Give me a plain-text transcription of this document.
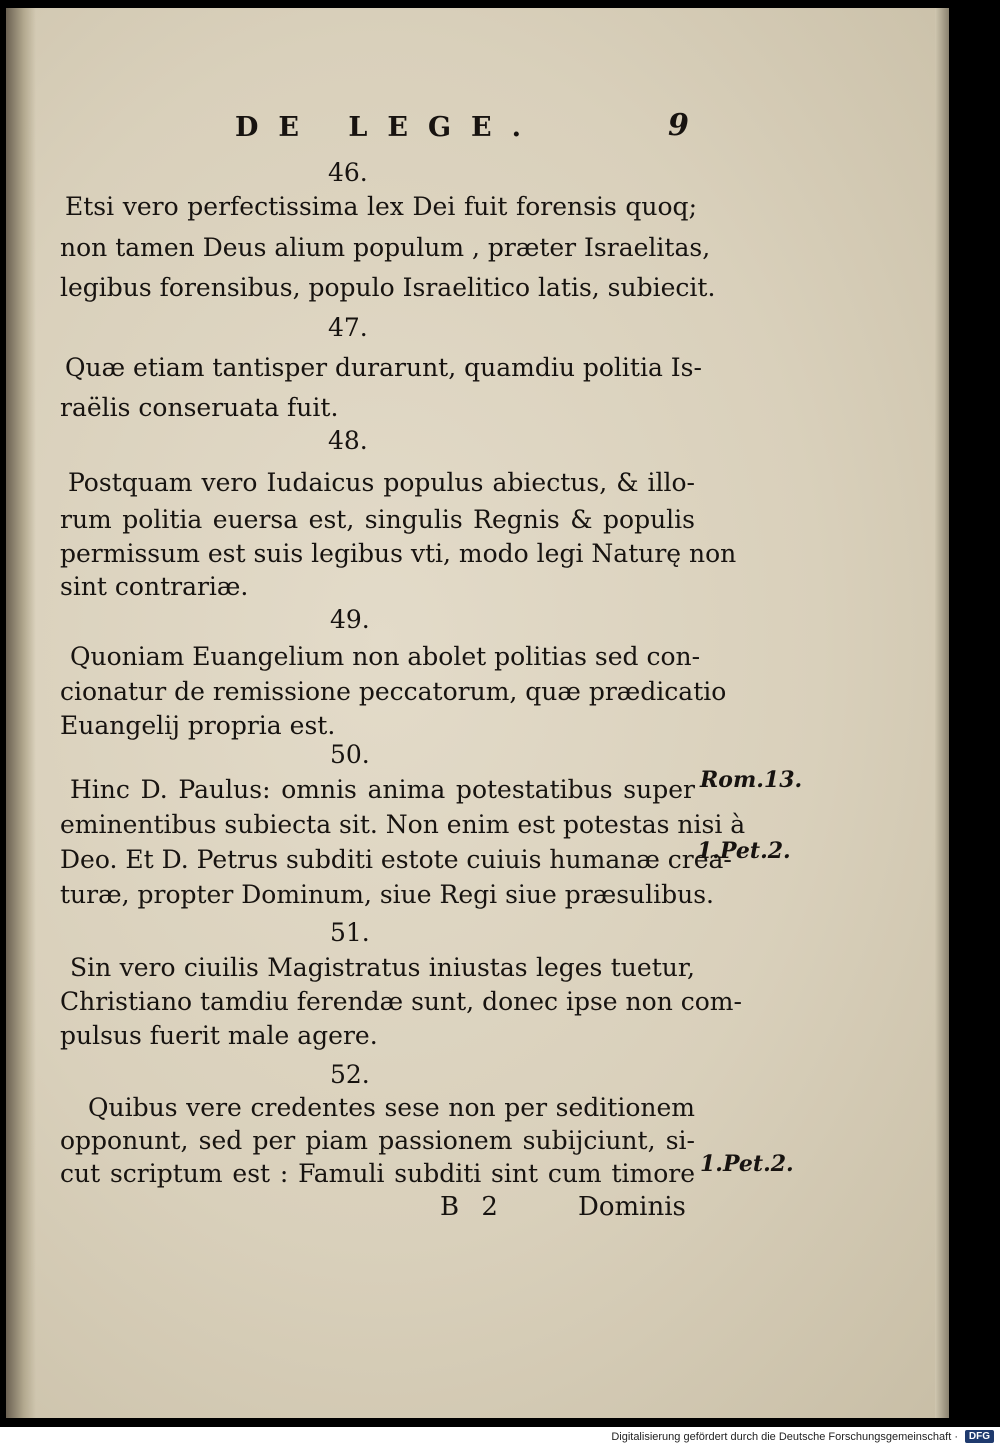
DE LEGE.	9
46.
Etsi vero perfectissima lex Dei fuit forensis quoq;
non tamen Deus alium populum , præter Israelitas,
legibus forensibus, populo Israelitico latis, subiecit.
47.
Quæ etiam tantisper durarunt, quamdiu politia Is-
raëlis conseruata fuit.
48.
Postquam vero Iudaicus populus abiectus, & illo-
rum politia euersa est, singulis Regnis & populis
permissum est suis legibus vti, modo legi Naturę non
sint contrariæ.
49.
Quoniam Euangelium non abolet politias sed con-
cionatur de remissione peccatorum, quæ prædicatio
Euangelij propria est.
50.
Hinc D. Paulus: omnis anima potestatibus super
eminentibus subiecta sit. Non enim est potestas nisi à
Deo. Et D. Petrus subditi estote cuiuis humanæ crea-
turæ, propter Dominum, siue Regi siue præsulibus.
51.
Sin vero ciuilis Magistratus iniustas leges tuetur,
Christiano tamdiu ferendæ sunt, donec ipse non com-
pulsus fuerit male agere.
52.
Quibus vere credentes sese non per seditionem
opponunt, sed per piam passionem subijciunt, si-
cut scriptum est : Famuli subditi sint cum timore
Rom.13.
1.Pet.2.
1.Pet.2.
B 2	Dominis
Digitalisierung gefördert durch die Deutsche Forschungsgemeinschaft ·	DFG
